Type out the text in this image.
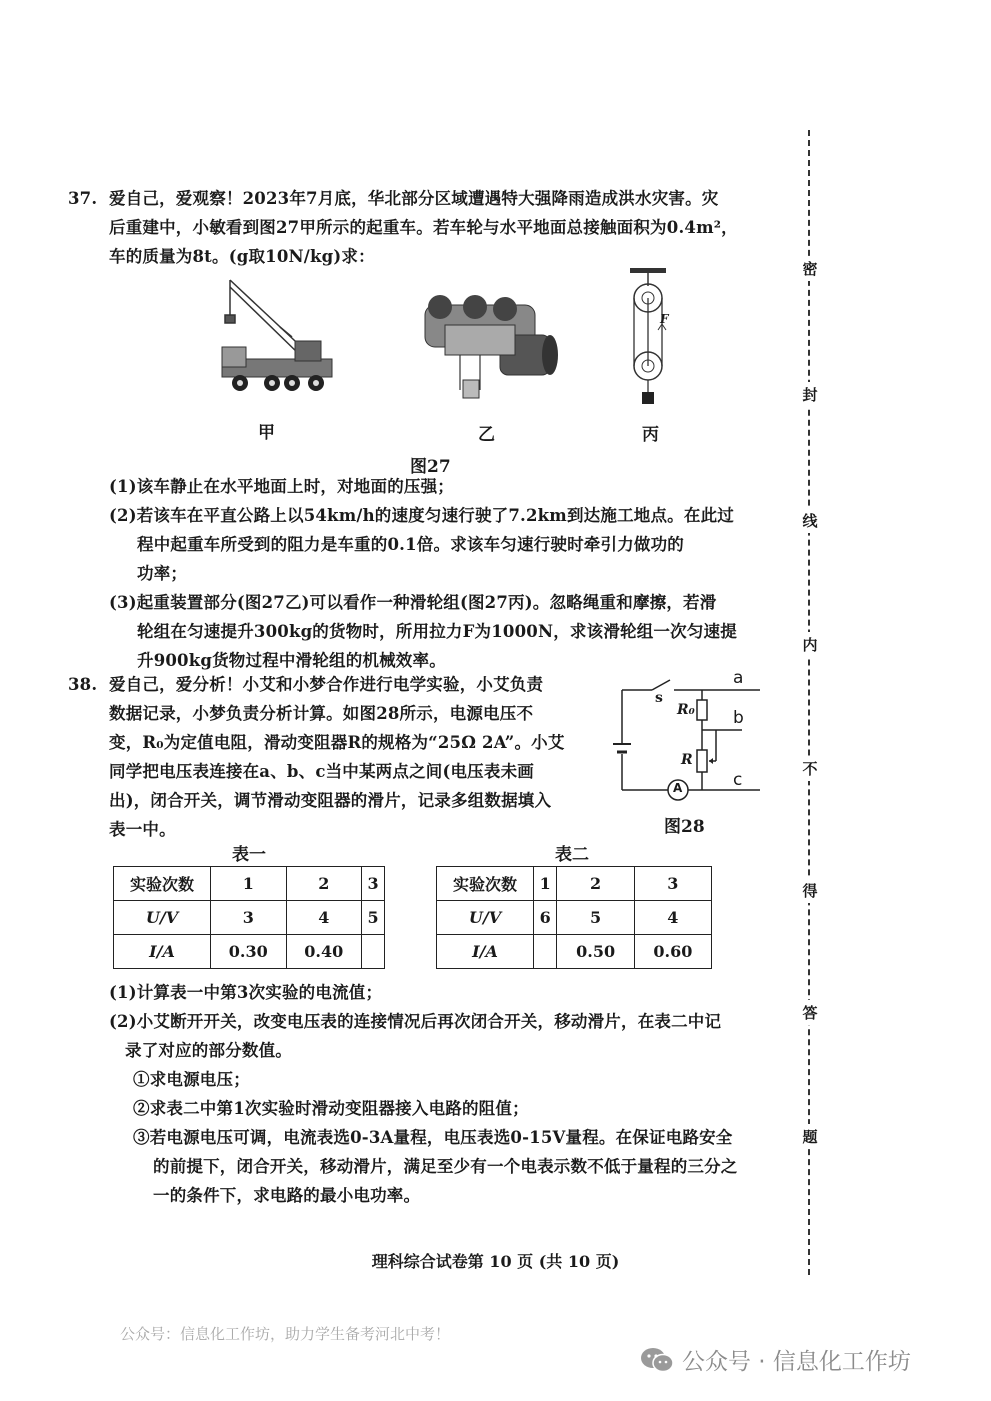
37. 爱自己，爱观察！2023年7月底，华北部分区域遭遇特大强降雨造成洪水灾害。灾
后重建中，小敏看到图27甲所示的起重车。若车轮与水平地面总接触面积为0.4m²，
车的质量为8t。(g取10N/kg)求：
F
甲	乙	丙
图27
(1)该车静止在水平地面上时，对地面的压强；
(2)若该车在平直公路上以54km/h的速度匀速行驶了7.2km到达施工地点。在此过
程中起重车所受到的阻力是车重的0.1倍。求该车匀速行驶时牵引力做功的
功率；
(3)起重装置部分(图27乙)可以看作一种滑轮组(图27丙)。忽略绳重和摩擦，若滑
轮组在匀速提升300kg的货物时，所用拉力F为1000N，求该滑轮组一次匀速提
升900kg货物过程中滑轮组的机械效率。
38. 爱自己，爱分析！小艾和小梦合作进行电学实验，小艾负责
数据记录，小梦负责分析计算。如图28所示，电源电压不
变，R₀为定值电阻，滑动变阻器R的规格为“25Ω 2A”。小艾
同学把电压表连接在a、b、c当中某两点之间(电压表未画
出)，闭合开关，调节滑动变阻器的滑片，记录多组数据填入
表一中。
a
b
c
s
R₀
R
A
图28
表一
实验次数	1	2	3
U/V	3	4	5
I/A	0.30	0.40	
表二
实验次数	1	2	3
U/V	6	5	4
I/A		0.50	0.60
(1)计算表一中第3次实验的电流值；
(2)小艾断开开关，改变电压表的连接情况后再次闭合开关，移动滑片，在表二中记
录了对应的部分数值。
①求电源电压；
②求表二中第1次实验时滑动变阻器接入电路的阻值；
③若电源电压可调，电流表选0-3A量程，电压表选0-15V量程。在保证电路安全
的前提下，闭合开关，移动滑片，满足至少有一个电表示数不低于量程的三分之
一的条件下，求电路的最小电功率。
密
封
线
内
不
得
答
题
理科综合试卷第 10 页 (共 10 页)
公众号：信息化工作坊，助力学生备考河北中考！
公众号 · 信息化工作坊
